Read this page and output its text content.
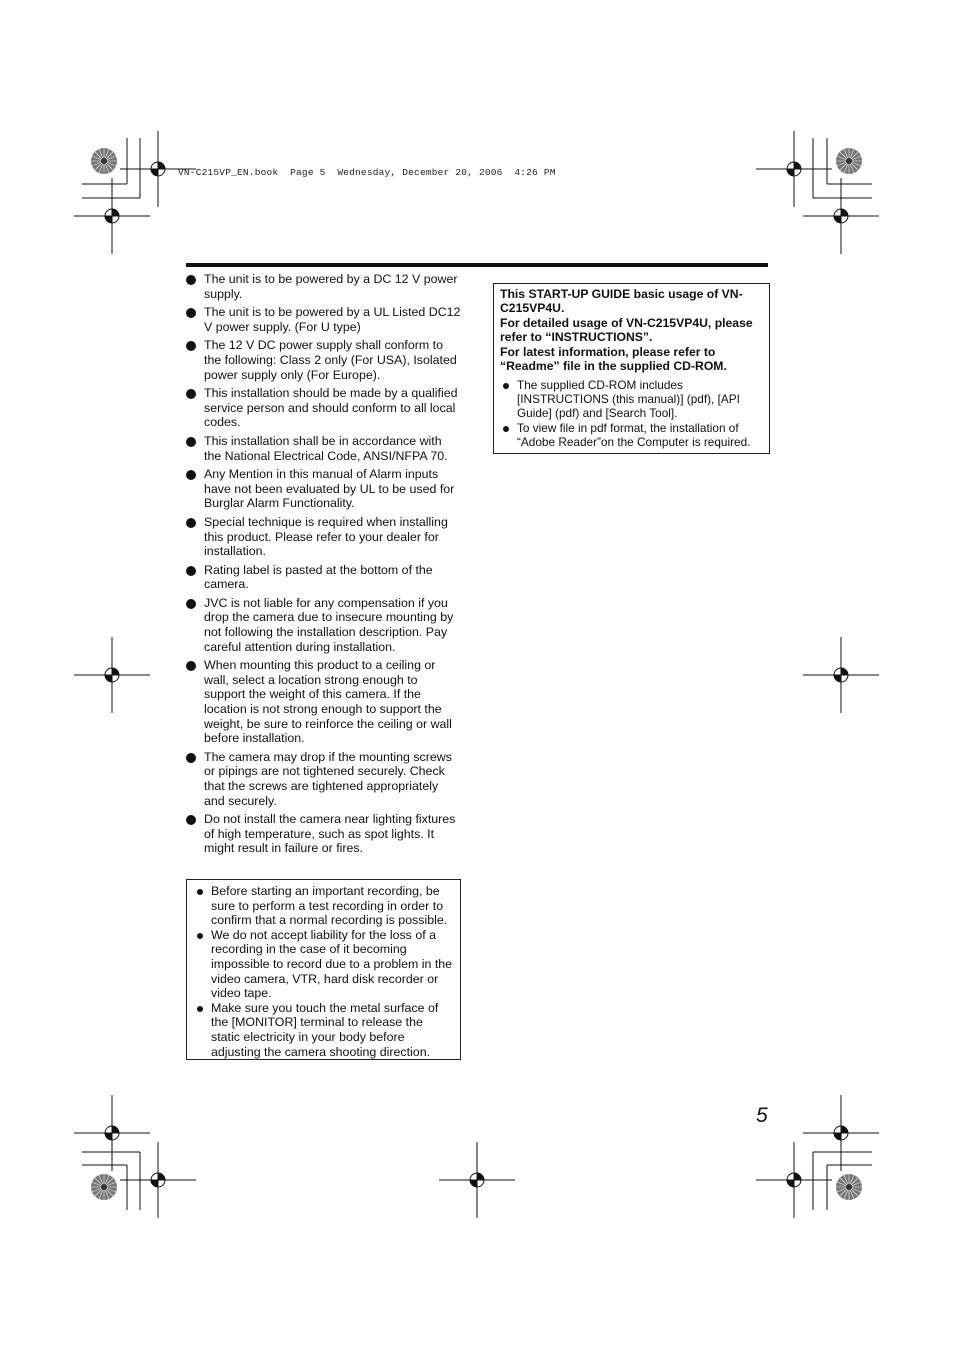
VN-C215VP_EN.book  Page 5  Wednesday, December 20, 2006  4:26 PM
The unit is to be powered by a DC 12 V power supply.
The unit is to be powered by a UL Listed DC12 V power supply. (For U type)
The 12 V DC power supply shall conform to the following: Class 2 only (For USA), Isolated power supply only (For Europe).
This installation should be made by a qualified service person and should conform to all local codes.
This installation shall be in accordance with the National Electrical Code, ANSI/NFPA 70.
Any Mention in this manual of Alarm inputs have not been evaluated by UL to be used for Burglar Alarm Functionality.
Special technique is required when installing this product. Please refer to your dealer for installation.
Rating label is pasted at the bottom of the camera.
JVC is not liable for any compensation if you drop the camera due to insecure mounting by not following the installation description. Pay careful attention during installation.
When mounting this product to a ceiling or wall, select a location strong enough to support the weight of this camera. If the location is not strong enough to support the weight, be sure to reinforce the ceiling or wall before installation.
The camera may drop if the mounting screws or pipings are not tightened securely. Check that the screws are tightened appropriately and securely.
Do not install the camera near lighting fixtures of high temperature, such as spot lights. It might result in failure or fires.
Before starting an important recording, be sure to perform a test recording in order to confirm that a normal recording is possible.
We do not accept liability for the loss of a recording in the case of it becoming impossible to record due to a problem in the video camera, VTR, hard disk recorder or video tape.
Make sure you touch the metal surface of the [MONITOR] terminal to release the static electricity in your body before adjusting the camera shooting direction.
This START-UP GUIDE basic usage of VN-C215VP4U.
For detailed usage of VN-C215VP4U, please refer to “INSTRUCTIONS”.
For latest information, please refer to “Readme” file in the supplied CD-ROM.
The supplied CD-ROM includes [INSTRUCTIONS (this manual)] (pdf), [API Guide] (pdf) and [Search Tool].
To view file in pdf format, the installation of “Adobe Reader”on the Computer is required.
5
